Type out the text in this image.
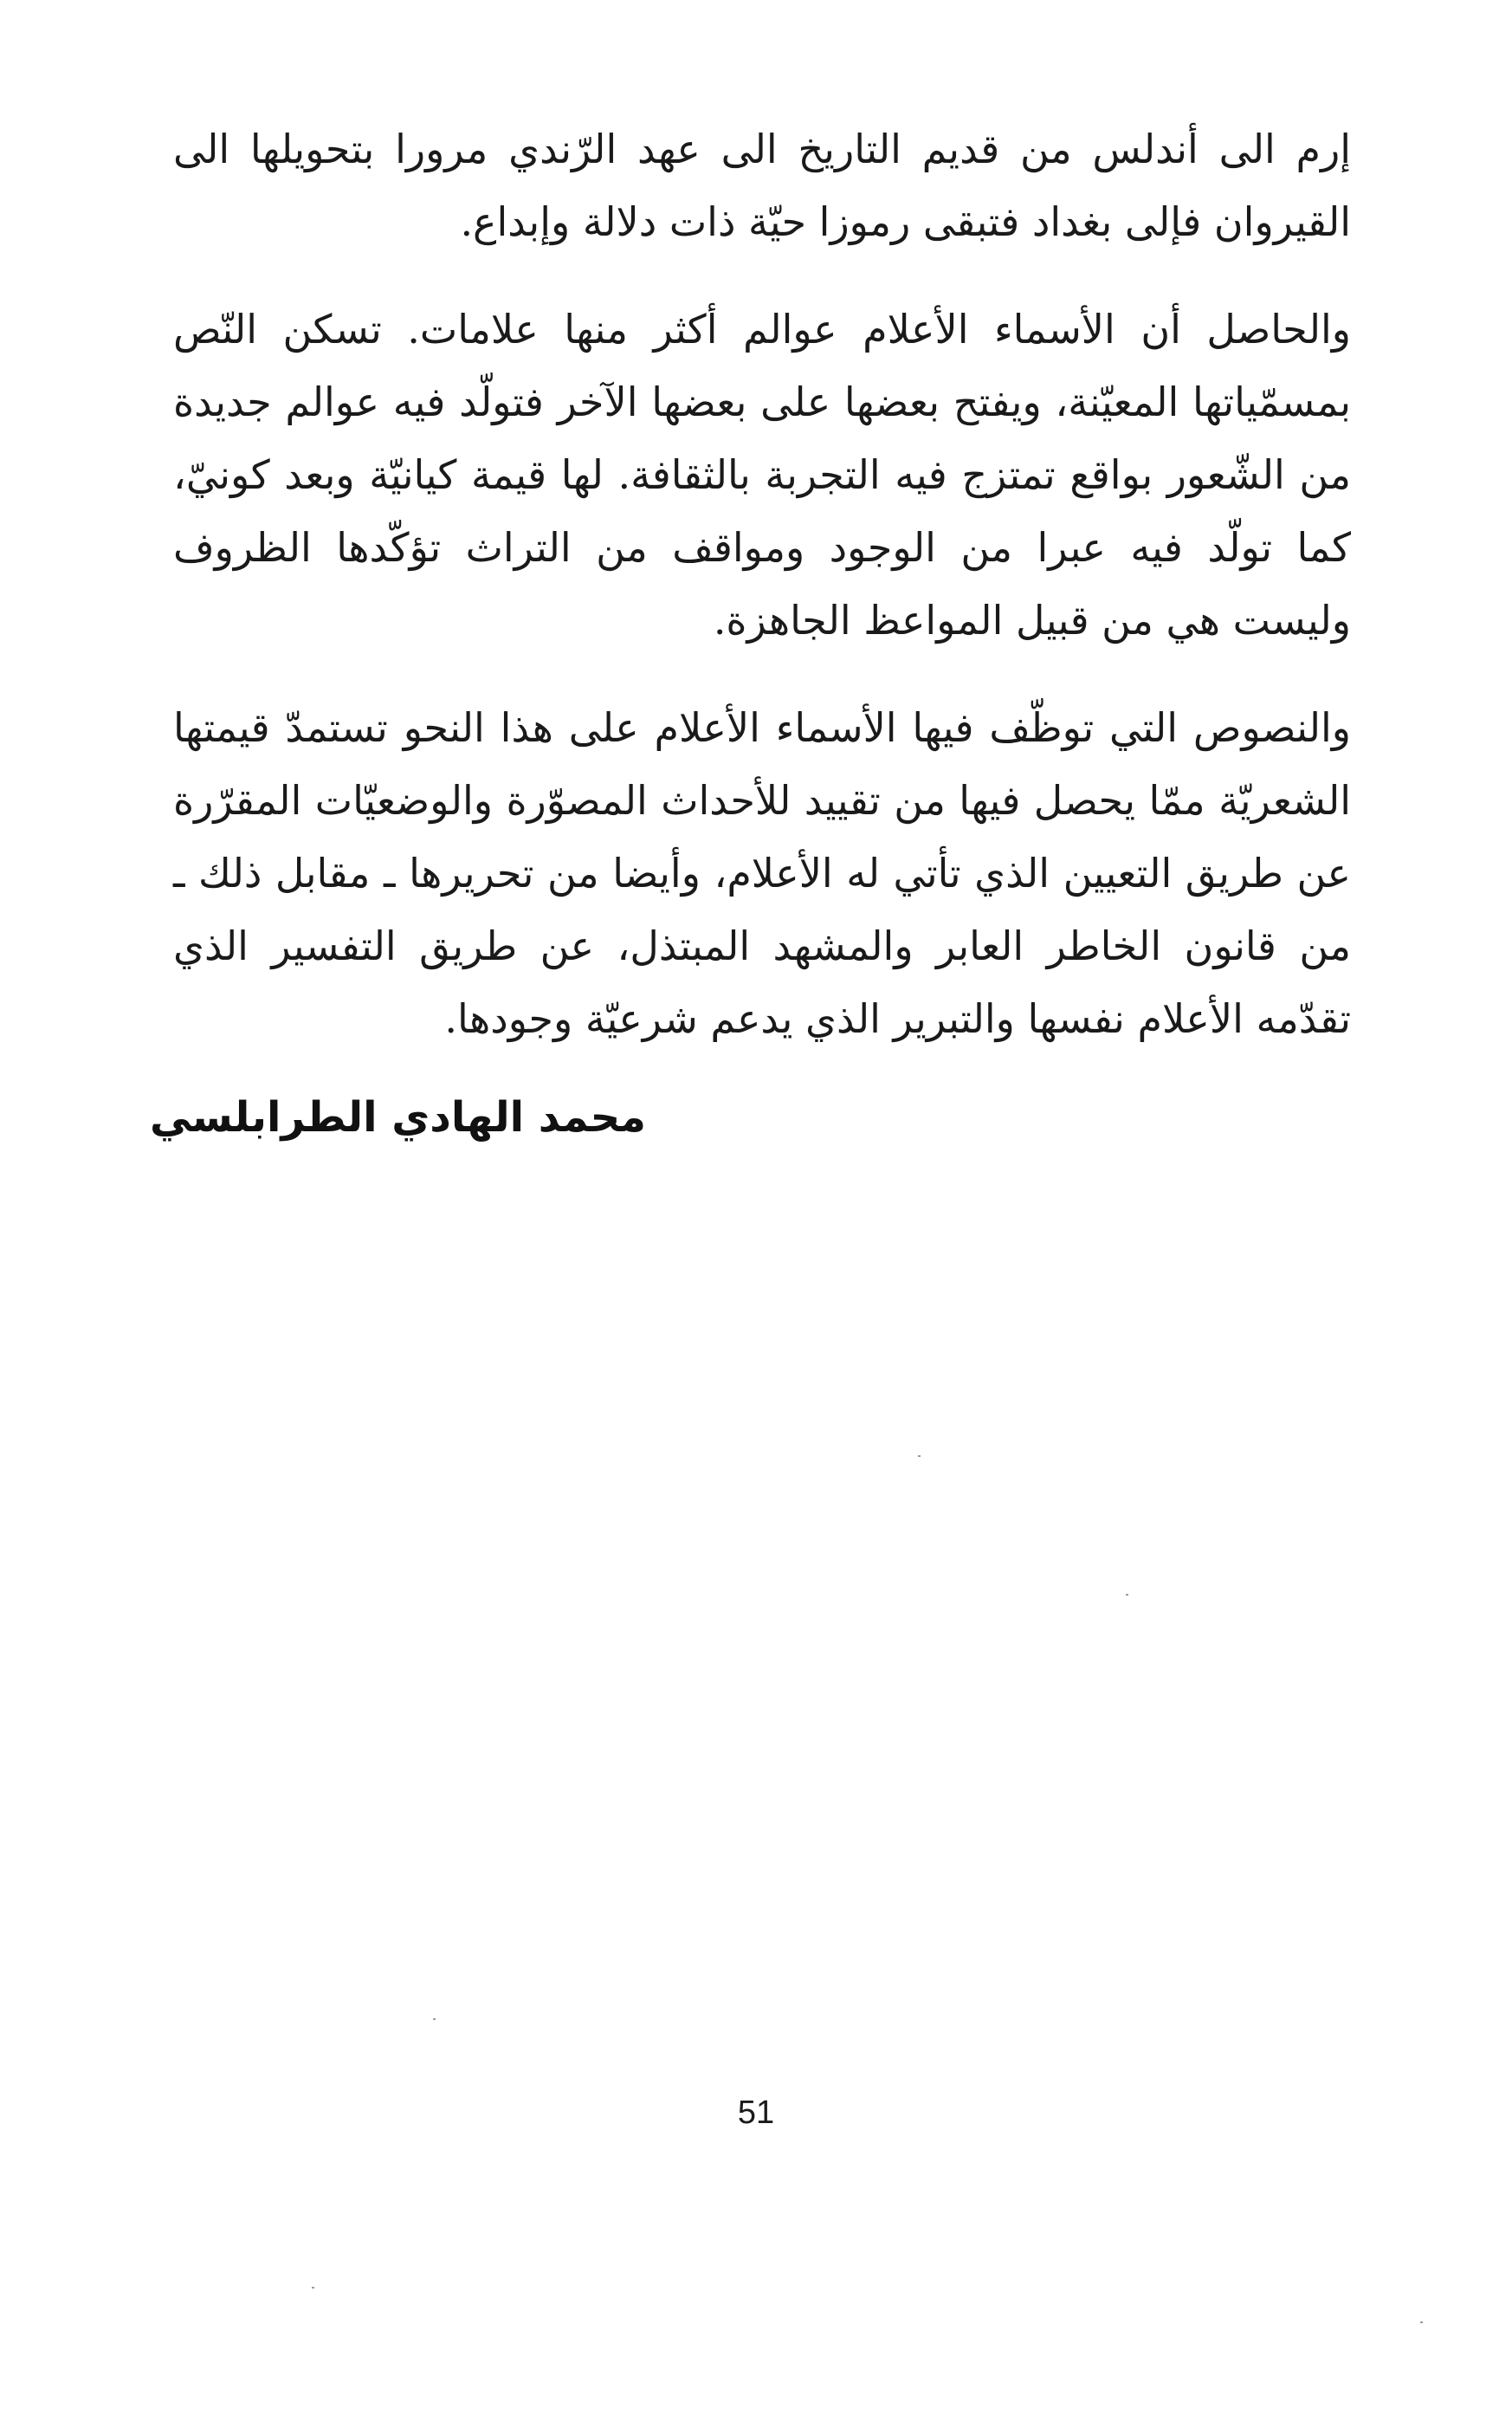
إرم الى أندلس من قديم التاريخ الى عهد الرّندي مرورا بتحويلها الى القيروان فإلى بغداد فتبقى رموزا حيّة ذات دلالة وإبداع.

والحاصل أن الأسماء الأعلام عوالم أكثر منها علامات. تسكن النّص بمسمّياتها المعيّنة، ويفتح بعضها على بعضها الآخر فتولّد فيه عوالم جديدة من الشّعور بواقع تمتزج فيه التجربة بالثقافة. لها قيمة كيانيّة وبعد كونيّ، كما تولّد فيه عبرا من الوجود ومواقف من التراث تؤكّدها الظروف وليست هي من قبيل المواعظ الجاهزة.

والنصوص التي توظّف فيها الأسماء الأعلام على هذا النحو تستمدّ قيمتها الشعريّة ممّا يحصل فيها من تقييد للأحداث المصوّرة والوضعيّات المقرّرة عن طريق التعيين الذي تأتي له الأعلام، وأيضا من تحريرها ـ مقابل ذلك ـ من قانون الخاطر العابر والمشهد المبتذل، عن طريق التفسير الذي تقدّمه الأعلام نفسها والتبرير الذي يدعم شرعيّة وجودها.

محمد الهادي الطرابلسي
51
